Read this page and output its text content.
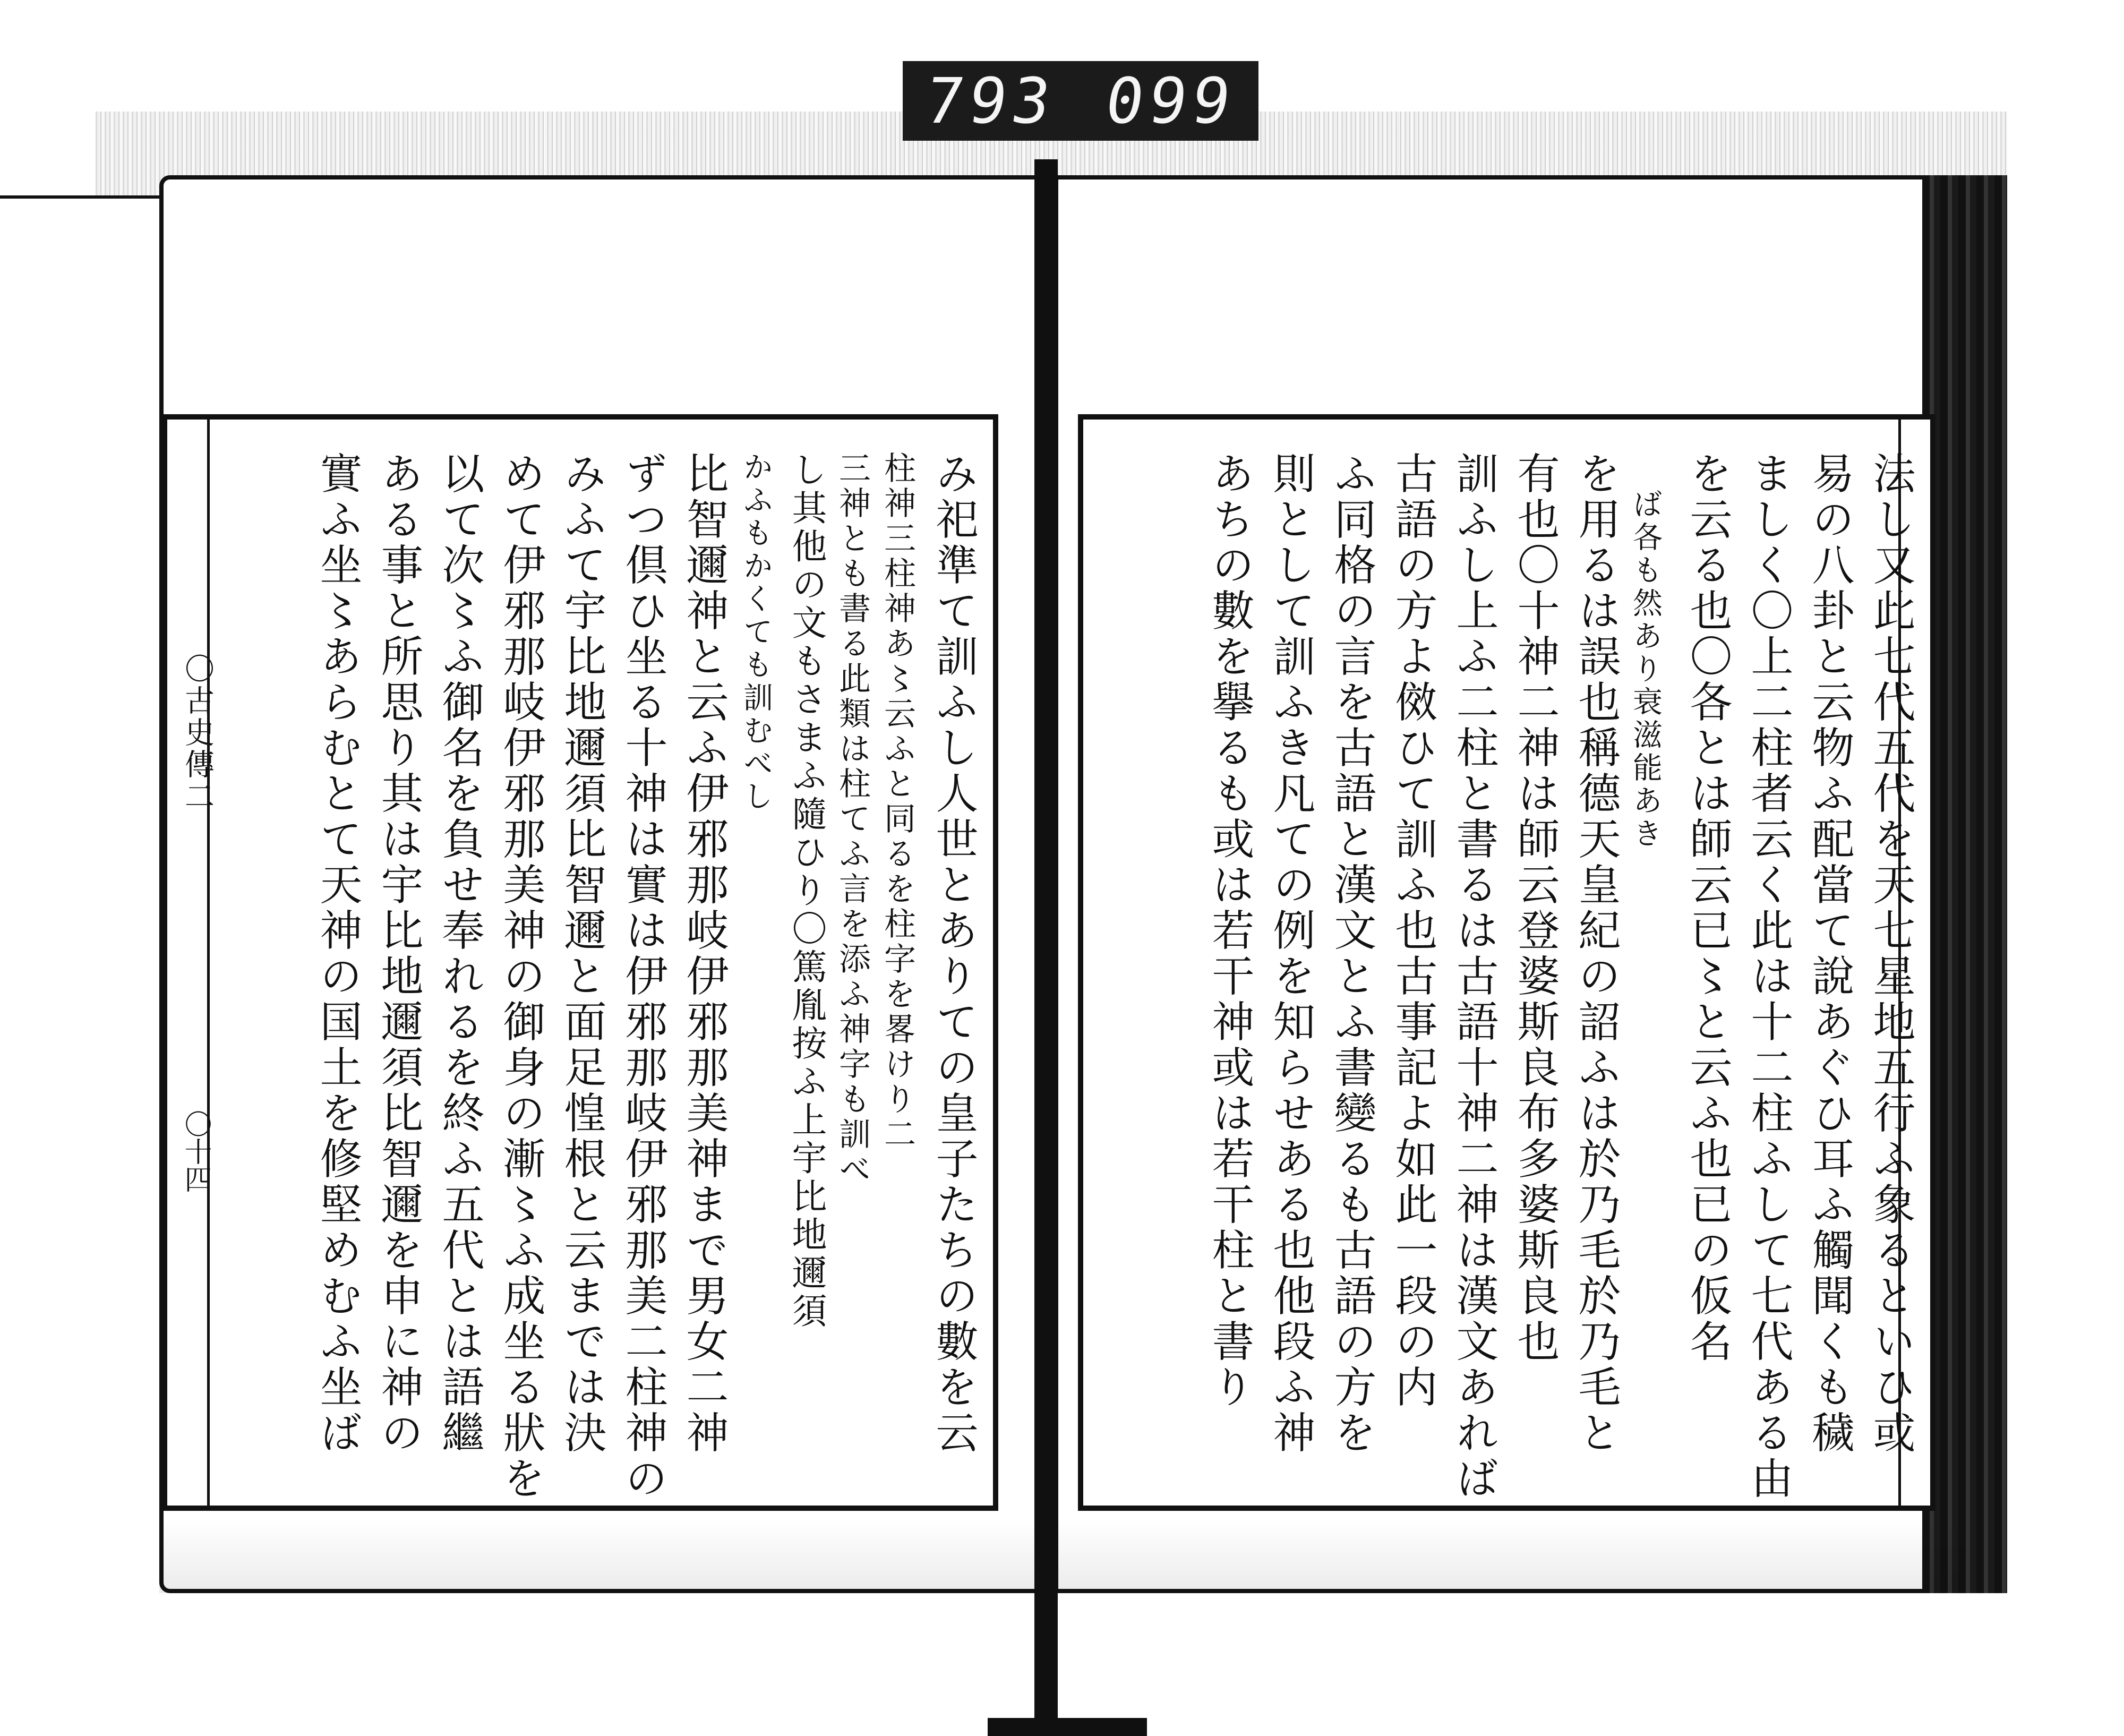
793 099
法し又此七代五代を天七星地五行ふ象るといひ或
易の八卦と云物ふ配當て說あぐひ耳ふ觸聞くも穢
ましく〇上二柱者云く此は十二柱ふして七代ある由
を云る也〇各とは師云已〻と云ふ也已の仮名
ば各も然あり衰滋能あき
を用るは誤也稱德天皇紀の詔ふは於乃毛於乃毛と
有也〇十神二神は師云登婆斯良布多婆斯良也
訓ふし上ふ二柱と書るは古語十神二神は漢文あれば
古語の方よ傚ひて訓ふ也古事記よ如此一段の内
ふ同格の言を古語と漢文とふ書變るも古語の方を
則として訓ふき凡ての例を知らせある也他段ふ神
あちの數を擧るも或は若干神或は若干柱と書り
〇古史傳二
〇十四	み祀準て訓ふし人世とありての皇子たちの數を云
柱神三柱神あ〻云ふと同るを柱字を畧けり二
三神とも書る此類は柱てふ言を添ふ神字も訓べ
し其他の文もさまふ隨ひり〇篤胤按ふ上宇比地邇須
かふもかくても訓むべし
比智邇神と云ふ伊邪那岐伊邪那美神まで男女二神
ずつ倶ひ坐る十神は實は伊邪那岐伊邪那美二柱神の
みふて宇比地邇須比智邇と面足惶根と云までは決
めて伊邪那岐伊邪那美神の御身の漸〻ふ成坐る狀を
以て次〻ふ御名を負せ奉れるを終ふ五代とは語繼
ある事と所思り其は宇比地邇須比智邇を申に神の
實ふ坐〻あらむとて天神の国土を修堅めむふ坐ば
